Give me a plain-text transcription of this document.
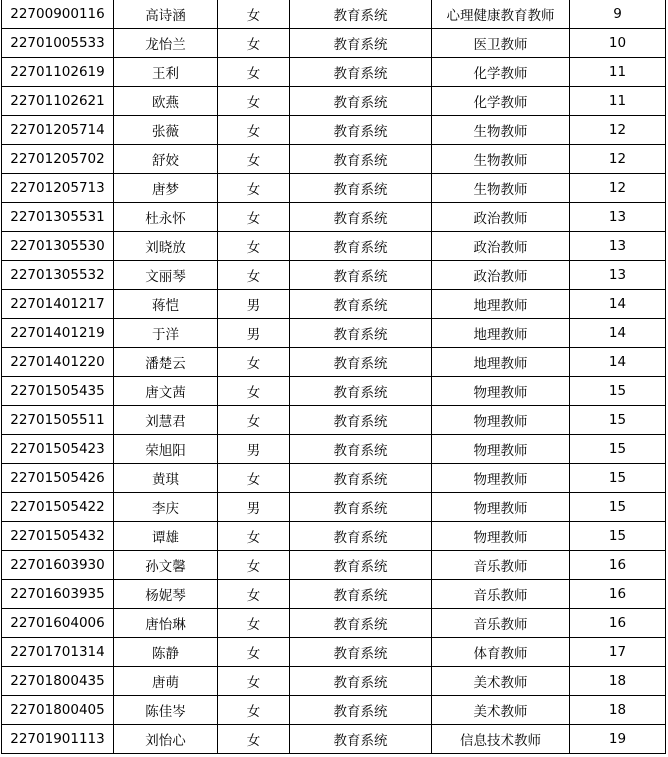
22700900116	高诗涵	女	教育系统	心理健康教育教师	9
22701005533	龙怡兰	女	教育系统	医卫教师	10
22701102619	王利	女	教育系统	化学教师	11
22701102621	欧燕	女	教育系统	化学教师	11
22701205714	张薇	女	教育系统	生物教师	12
22701205702	舒姣	女	教育系统	生物教师	12
22701205713	唐梦	女	教育系统	生物教师	12
22701305531	杜永怀	女	教育系统	政治教师	13
22701305530	刘晓放	女	教育系统	政治教师	13
22701305532	文丽琴	女	教育系统	政治教师	13
22701401217	蒋恺	男	教育系统	地理教师	14
22701401219	于洋	男	教育系统	地理教师	14
22701401220	潘楚云	女	教育系统	地理教师	14
22701505435	唐文茜	女	教育系统	物理教师	15
22701505511	刘慧君	女	教育系统	物理教师	15
22701505423	荣旭阳	男	教育系统	物理教师	15
22701505426	黄琪	女	教育系统	物理教师	15
22701505422	李庆	男	教育系统	物理教师	15
22701505432	谭雄	女	教育系统	物理教师	15
22701603930	孙文馨	女	教育系统	音乐教师	16
22701603935	杨妮琴	女	教育系统	音乐教师	16
22701604006	唐怡琳	女	教育系统	音乐教师	16
22701701314	陈静	女	教育系统	体育教师	17
22701800435	唐萌	女	教育系统	美术教师	18
22701800405	陈佳岑	女	教育系统	美术教师	18
22701901113	刘怡心	女	教育系统	信息技术教师	19
